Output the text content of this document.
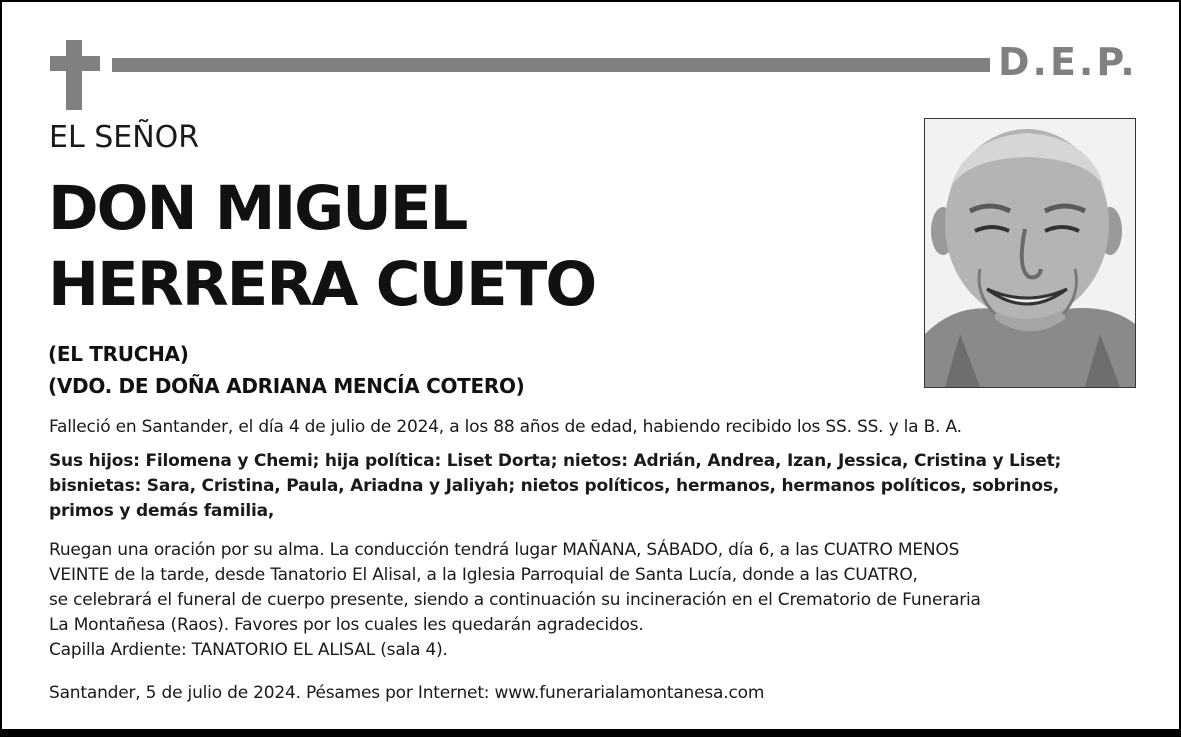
D.E.P.
EL SEÑOR
DON MIGUEL
HERRERA CUETO
(EL TRUCHA)
(VDO. DE DOÑA ADRIANA MENCÍA COTERO)
Falleció en Santander, el día 4 de julio de 2024, a los 88 años de edad, habiendo recibido los SS. SS. y la B. A.
Sus hijos: Filomena y Chemi; hija política: Liset Dorta; nietos: Adrián, Andrea, Izan, Jessica, Cristina y Liset;
bisnietas: Sara, Cristina, Paula, Ariadna y Jaliyah; nietos políticos, hermanos, hermanos políticos, sobrinos,
primos y demás familia,
Ruegan una oración por su alma. La conducción tendrá lugar MAÑANA, SÁBADO, día 6, a las CUATRO MENOS
VEINTE de la tarde, desde Tanatorio El Alisal, a la Iglesia Parroquial de Santa Lucía, donde a las CUATRO,
se celebrará el funeral de cuerpo presente, siendo a continuación su incineración en el Crematorio de Funeraria
La Montañesa (Raos). Favores por los cuales les quedarán agradecidos.
Capilla Ardiente: TANATORIO EL ALISAL (sala 4).
Santander, 5 de julio de 2024. Pésames por Internet: www.funerarialamontanesa.com
